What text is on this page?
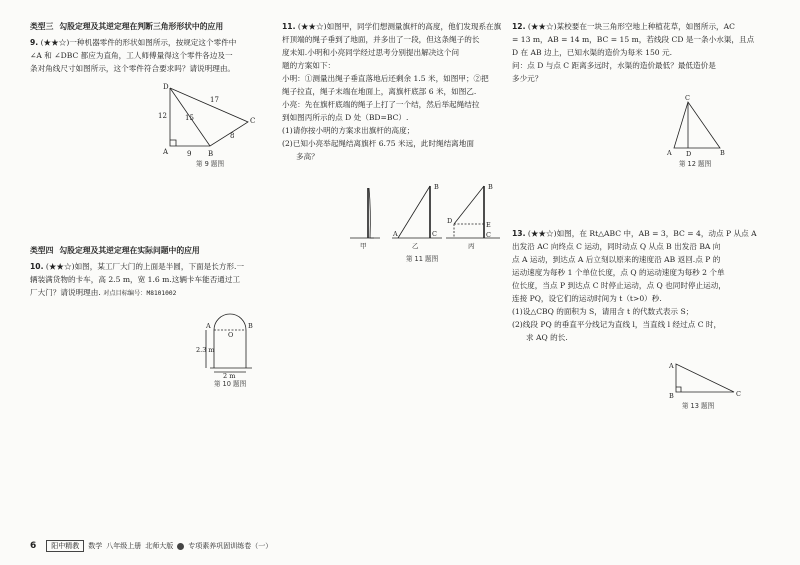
类型三 勾股定理及其逆定理在判断三角形形状中的应用
9. (★★☆)一种机器零件的形状如图所示，按规定这个零件中
∠A 和 ∠DBC 都应为直角，工人师傅量得这个零件各边及一
条对角线尺寸如图所示，这个零件符合要求吗？请说明理由。
D
A	B
C
12
17
15
8
9
第 9 题图
类型四 勾股定理及其逆定理在实际问题中的应用
10. (★★☆)如图，某工厂大门的上面是半圆，下面是长方形.一
辆装满货物的卡车，高 2.5 m，宽 1.6 m.这辆卡车能否通过工
厂大门？请说明理由. 对点目标编号：M8101002
A	B
O
2.3 m
2 m
第 10 题图
11. (★★☆)如图甲，同学们想测量旗杆的高度，他们发现系在旗
杆顶端的绳子垂到了地面，并多出了一段，但这条绳子的长
度未知.小明和小亮同学经过思考分别提出解决这个问
题的方案如下：
小明：①测量出绳子垂直落地后还剩余 1.5 米，如图甲；②把
绳子拉直，绳子末端在地面上，离旗杆底部 6 米，如图乙.
小亮：先在旗杆底端的绳子上打了一个结，然后举起绳结拉
到如图丙所示的点 D 处（BD=BC）.
(1)请你按小明的方案求出旗杆的高度；
(2)已知小亮举起绳结离旗杆 6.75 米远，此时绳结离地面
多高？
B
A	C
B
D	E
C
甲	乙	丙
第 11 题图
12. (★★☆)某校要在一块三角形空地上种植花草，如图所示，AC
= 13 m，AB = 14 m，BC = 15 m，若线段 CD 是一条小水渠，且点
D 在 AB 边上，已知水渠的造价为每米 150 元.
问：点 D 与点 C 距离多远时，水渠的造价最低？最低造价是
多少元？
C
A D	B
第 12 题图
13. (★★☆)如图，在 Rt△ABC 中，AB = 3，BC = 4，动点 P 从点 A
出发沿 AC 向终点 C 运动，同时动点 Q 从点 B 出发沿 BA 向
点 A 运动，到达点 A 后立刻以原来的速度沿 AB 返回.点 P 的
运动速度为每秒 1 个单位长度，点 Q 的运动速度为每秒 2 个单
位长度，当点 P 到达点 C 时停止运动，点 Q 也同时停止运动，
连接 PQ，设它们的运动时间为 t（t>0）秒.
(1)设△CBQ 的面积为 S，请用含 t 的代数式表示 S；
(2)线段 PQ 的垂直平分线记为直线 l，当直线 l 经过点 C 时，
求 AQ 的长.
A
B	C
第 13 题图
6	阳中精教	数学 八年级上册 北师大版 专项素养巩固训练卷（一）
